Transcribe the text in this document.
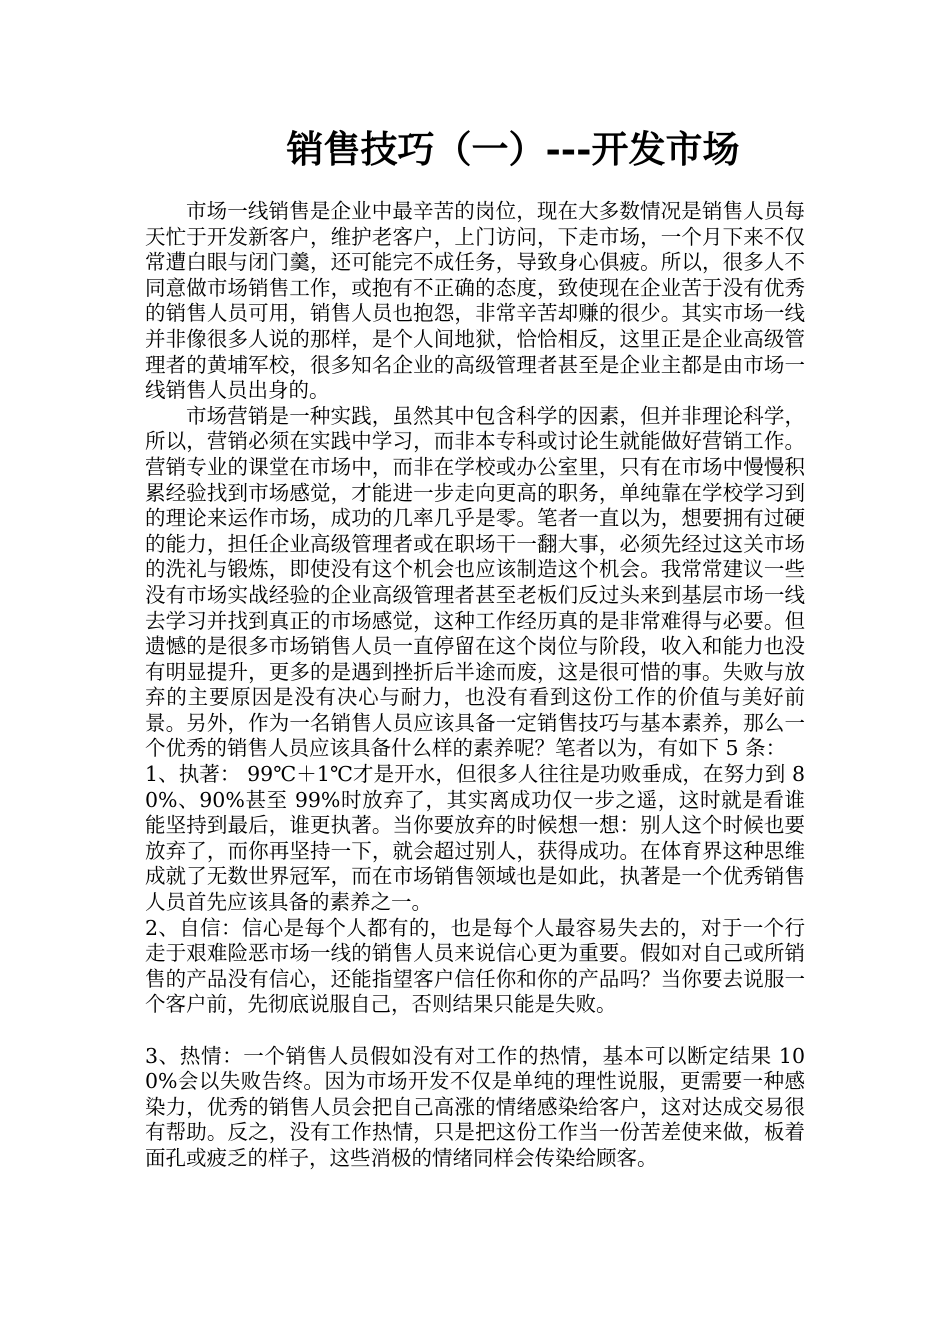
销售技巧（一）---开发市场

市场一线销售是企业中最辛苦的岗位，现在大多数情况是销售人员每天忙于开发新客户，维护老客户，上门访问，下走市场，一个月下来不仅常遭白眼与闭门羹，还可能完不成任务，导致身心俱疲。所以，很多人不同意做市场销售工作，或抱有不正确的态度，致使现在企业苦于没有优秀的销售人员可用，销售人员也抱怨，非常辛苦却赚的很少。其实市场一线并非像很多人说的那样，是个人间地狱，恰恰相反，这里正是企业高级管理者的黄埔军校，很多知名企业的高级管理者甚至是企业主都是由市场一线销售人员出身的。

市场营销是一种实践，虽然其中包含科学的因素，但并非理论科学，所以，营销必须在实践中学习，而非本专科或讨论生就能做好营销工作。营销专业的课堂在市场中，而非在学校或办公室里，只有在市场中慢慢积累经验找到市场感觉，才能进一步走向更高的职务，单纯靠在学校学习到的理论来运作市场，成功的几率几乎是零。笔者一直以为，想要拥有过硬的能力，担任企业高级管理者或在职场干一翻大事，必须先经过这关市场的洗礼与锻炼，即使没有这个机会也应该制造这个机会。我常常建议一些没有市场实战经验的企业高级管理者甚至老板们反过头来到基层市场一线去学习并找到真正的市场感觉，这种工作经历真的是非常难得与必要。但遗憾的是很多市场销售人员一直停留在这个岗位与阶段，收入和能力也没有明显提升，更多的是遇到挫折后半途而废，这是很可惜的事。失败与放弃的主要原因是没有决心与耐力，也没有看到这份工作的价值与美好前景。另外，作为一名销售人员应该具备一定销售技巧与基本素养，那么一个优秀的销售人员应该具备什么样的素养呢？笔者以为，有如下 5 条：

1、执著： 99℃＋1℃才是开水，但很多人往往是功败垂成，在努力到 80%、90%甚至 99%时放弃了，其实离成功仅一步之遥，这时就是看谁能坚持到最后，谁更执著。当你要放弃的时候想一想：别人这个时候也要放弃了，而你再坚持一下，就会超过别人，获得成功。在体育界这种思维成就了无数世界冠军，而在市场销售领域也是如此，执著是一个优秀销售人员首先应该具备的素养之一。

2、自信：信心是每个人都有的，也是每个人最容易失去的，对于一个行走于艰难险恶市场一线的销售人员来说信心更为重要。假如对自己或所销售的产品没有信心，还能指望客户信任你和你的产品吗？当你要去说服一个客户前，先彻底说服自己，否则结果只能是失败。

3、热情：一个销售人员假如没有对工作的热情，基本可以断定结果 100%会以失败告终。因为市场开发不仅是单纯的理性说服，更需要一种感染力，优秀的销售人员会把自己高涨的情绪感染给客户，这对达成交易很有帮助。反之，没有工作热情，只是把这份工作当一份苦差使来做，板着面孔或疲乏的样子，这些消极的情绪同样会传染给顾客。
